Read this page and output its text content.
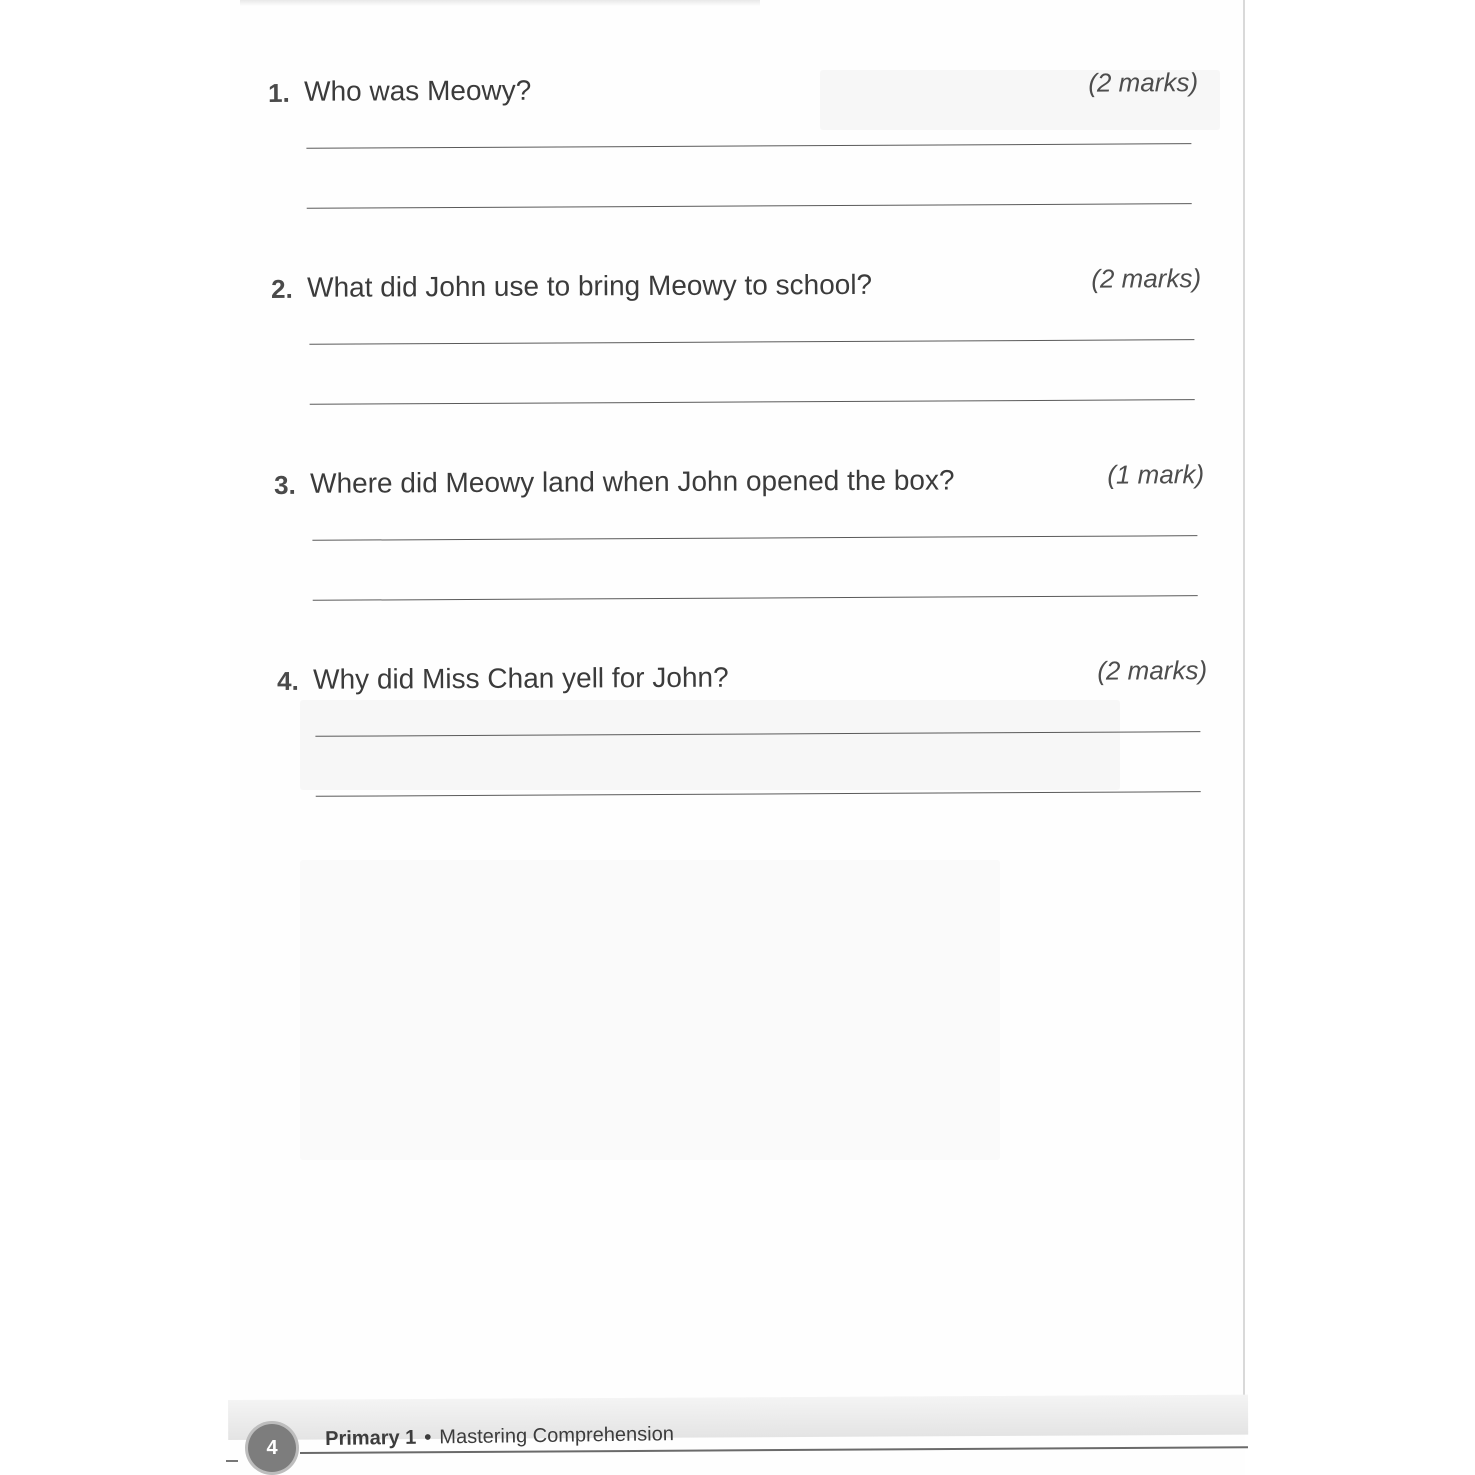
1. Who was Meowy?	(2 marks)
2. What did John use to bring Meowy to school?	(2 marks)
3. Where did Meowy land when John opened the box?	(1 mark)
4. Why did Miss Chan yell for John?	(2 marks)
4 Primary 1 • Mastering Comprehension
